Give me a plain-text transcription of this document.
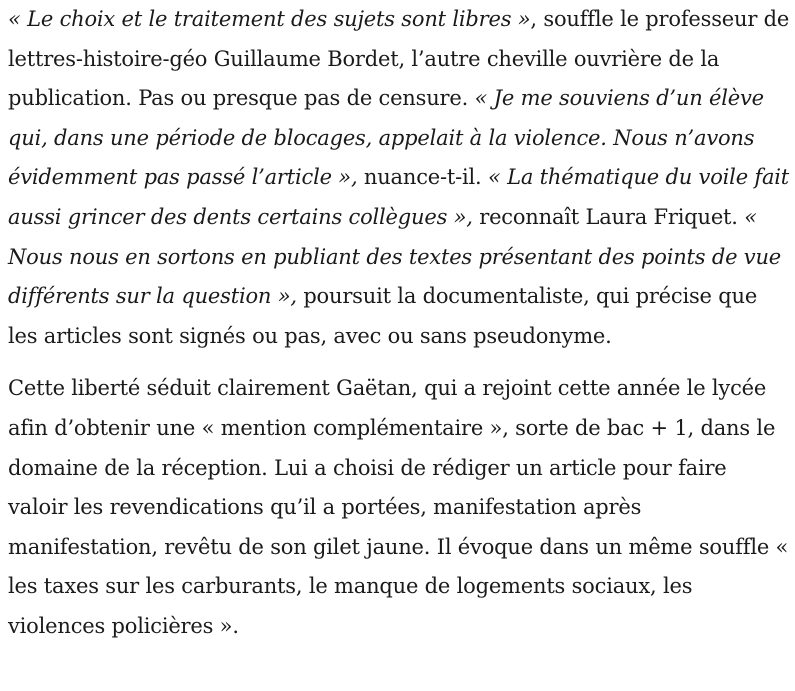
« Le choix et le traitement des sujets sont libres », souffle le professeur de lettres-histoire-géo Guillaume Bordet, l’autre cheville ouvrière de la publication. Pas ou presque pas de censure. « Je me souviens d’un élève qui, dans une période de blocages, appelait à la violence. Nous n’avons évidemment pas passé l’article », nuance-t-il. « La thématique du voile fait aussi grincer des dents certains collègues », reconnaît Laura Friquet. « Nous nous en sortons en publiant des textes présentant des points de vue différents sur la question », poursuit la documentaliste, qui précise que les articles sont signés ou pas, avec ou sans pseudonyme.

Cette liberté séduit clairement Gaëtan, qui a rejoint cette année le lycée afin d’obtenir une « mention complémentaire », sorte de bac + 1, dans le domaine de la réception. Lui a choisi de rédiger un article pour faire valoir les revendications qu’il a portées, manifestation après manifestation, revêtu de son gilet jaune. Il évoque dans un même souffle « les taxes sur les carburants, le manque de logements sociaux, les violences policières ».
